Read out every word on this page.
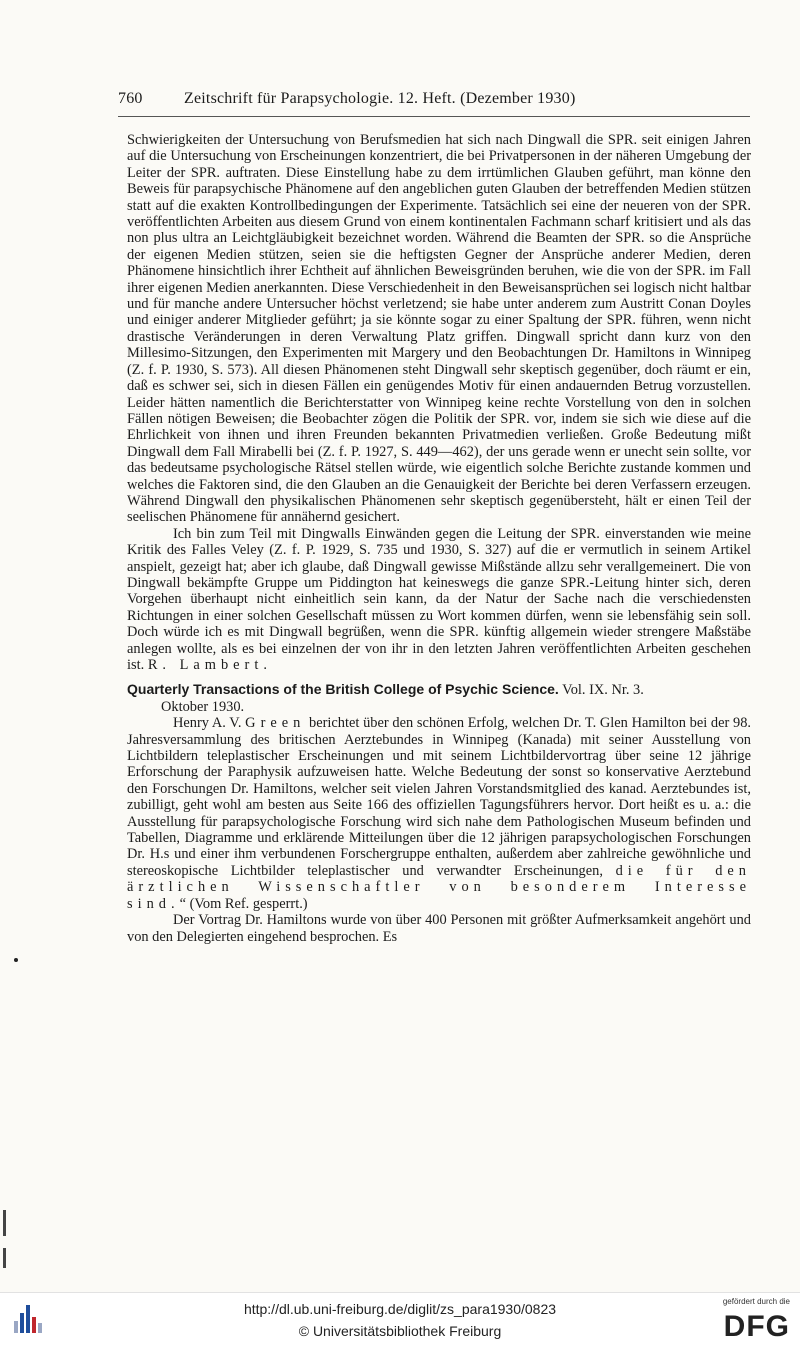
760	Zeitschrift für Parapsychologie. 12. Heft. (Dezember 1930)

Schwierigkeiten der Untersuchung von Berufsmedien hat sich nach Dingwall die SPR. seit einigen Jahren auf die Untersuchung von Erscheinungen konzentriert, die bei Privatpersonen in der näheren Umgebung der Leiter der SPR. auftraten. Diese Einstellung habe zu dem irrtümlichen Glauben geführt, man könne den Beweis für parapsychische Phänomene auf den angeblichen guten Glauben der betreffenden Medien stützen statt auf die exakten Kontrollbedingungen der Experimente. Tatsächlich sei eine der neueren von der SPR. veröffentlichten Arbeiten aus diesem Grund von einem kontinentalen Fachmann scharf kritisiert und als das non plus ultra an Leichtgläubigkeit bezeichnet worden. Während die Beamten der SPR. so die Ansprüche der eigenen Medien stützen, seien sie die heftigsten Gegner der Ansprüche anderer Medien, deren Phänomene hinsichtlich ihrer Echtheit auf ähnlichen Beweisgründen beruhen, wie die von der SPR. im Fall ihrer eigenen Medien anerkannten. Diese Verschiedenheit in den Beweisansprüchen sei logisch nicht haltbar und für manche andere Untersucher höchst verletzend; sie habe unter anderem zum Austritt Conan Doyles und einiger anderer Mitglieder geführt; ja sie könnte sogar zu einer Spaltung der SPR. führen, wenn nicht drastische Veränderungen in deren Verwaltung Platz griffen. Dingwall spricht dann kurz von den Millesimo-Sitzungen, den Experimenten mit Margery und den Beobachtungen Dr. Hamiltons in Winnipeg (Z. f. P. 1930, S. 573). All diesen Phänomenen steht Dingwall sehr skeptisch gegenüber, doch räumt er ein, daß es schwer sei, sich in diesen Fällen ein genügendes Motiv für einen andauernden Betrug vorzustellen. Leider hätten namentlich die Berichterstatter von Winnipeg keine rechte Vorstellung von den in solchen Fällen nötigen Beweisen; die Beobachter zögen die Politik der SPR. vor, indem sie sich wie diese auf die Ehrlichkeit von ihnen und ihren Freunden bekannten Privatmedien verließen. Große Bedeutung mißt Dingwall dem Fall Mirabelli bei (Z. f. P. 1927, S. 449—462), der uns gerade wenn er unecht sein sollte, vor das bedeutsame psychologische Rätsel stellen würde, wie eigentlich solche Berichte zustande kommen und welches die Faktoren sind, die den Glauben an die Genauigkeit der Berichte bei deren Verfassern erzeugen. Während Dingwall den physikalischen Phänomenen sehr skeptisch gegenübersteht, hält er einen Teil der seelischen Phänomene für annähernd gesichert.

Ich bin zum Teil mit Dingwalls Einwänden gegen die Leitung der SPR. einverstanden wie meine Kritik des Falles Veley (Z. f. P. 1929, S. 735 und 1930, S. 327) auf die er vermutlich in seinem Artikel anspielt, gezeigt hat; aber ich glaube, daß Dingwall gewisse Mißstände allzu sehr verallgemeinert. Die von Dingwall bekämpfte Gruppe um Piddington hat keineswegs die ganze SPR.-Leitung hinter sich, deren Vorgehen überhaupt nicht einheitlich sein kann, da der Natur der Sache nach die verschiedensten Richtungen in einer solchen Gesellschaft müssen zu Wort kommen dürfen, wenn sie lebensfähig sein soll. Doch würde ich es mit Dingwall begrüßen, wenn die SPR. künftig allgemein wieder strengere Maßstäbe anlegen wollte, als es bei einzelnen der von ihr in den letzten Jahren veröffentlichten Arbeiten geschehen ist. R. Lambert.

Quarterly Transactions of the British College of Psychic Science. Vol. IX. Nr. 3.
Oktober 1930.

Henry A. V. Green berichtet über den schönen Erfolg, welchen Dr. T. Glen Hamilton bei der 98. Jahresversammlung des britischen Aerztebundes in Winnipeg (Kanada) mit seiner Ausstellung von Lichtbildern teleplastischer Erscheinungen und mit seinem Lichtbildervortrag über seine 12 jährige Erforschung der Paraphysik aufzuweisen hatte. Welche Bedeutung der sonst so konservative Aerztebund den Forschungen Dr. Hamiltons, welcher seit vielen Jahren Vorstandsmitglied des kanad. Aerztebundes ist, zubilligt, geht wohl am besten aus Seite 166 des offiziellen Tagungsführers hervor. Dort heißt es u. a.: die Ausstellung für parapsychologische Forschung wird sich nahe dem Pathologischen Museum befinden und Tabellen, Diagramme und erklärende Mitteilungen über die 12 jährigen parapsychologischen Forschungen Dr. H.s und einer ihm verbundenen Forschergruppe enthalten, außerdem aber zahlreiche gewöhnliche und stereoskopische Lichtbilder teleplastischer und verwandter Erscheinungen, die für den ärztlichen Wissenschaftler von besonderem Interesse sind.“ (Vom Ref. gesperrt.)

Der Vortrag Dr. Hamiltons wurde von über 400 Personen mit größter Aufmerksamkeit angehört und von den Delegierten eingehend besprochen. Es

http://dl.ub.uni-freiburg.de/diglit/zs_para1930/0823
© Universitätsbibliothek Freiburg
gefördert durch die
DFG
